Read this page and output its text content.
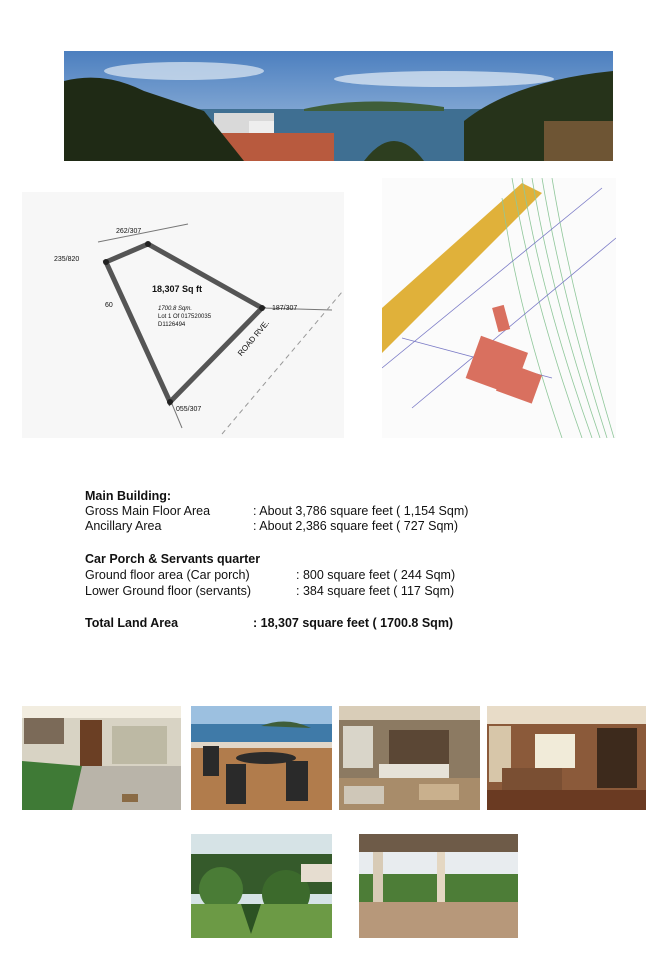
262/307
235/820
187/307
055/307
60
18,307 Sq ft
1700.8 Sqm.
Lot 1 Of 017520035
D1126494	ROAD RVE.
Main Building:
Gross Main Floor Area	: About 3,786 square feet ( 1,154 Sqm)
Ancillary Area	: About 2,386 square feet ( 727 Sqm)
Car Porch & Servants quarter
Ground floor area (Car porch)	: 800 square feet ( 244 Sqm)
Lower Ground floor (servants)	: 384 square feet ( 117 Sqm)
Total Land Area	: 18,307 square feet ( 1700.8 Sqm)
